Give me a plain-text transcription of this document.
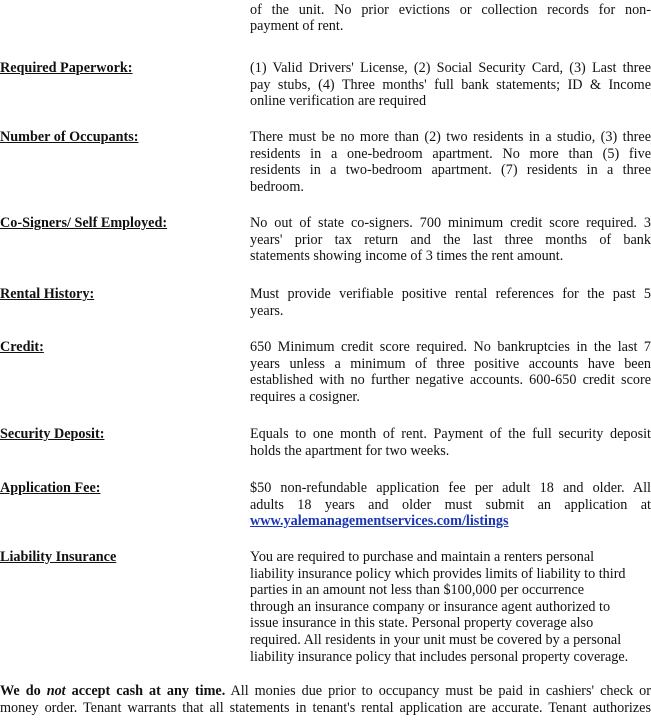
of the unit. No prior evictions or collection records for non-
payment of rent.
Required Paperwork:	(1) Valid Drivers' License, (2) Social Security Card, (3) Last three
pay stubs, (4) Three months' full bank statements; ID & Income
online verification are required
Number of Occupants:	There must be no more than (2) two residents in a studio, (3) three
residents in a one-bedroom apartment. No more than (5) five
residents in a two-bedroom apartment. (7) residents in a three
bedroom.
Co-Signers/ Self Employed:	No out of state co-signers. 700 minimum credit score required. 3
years' prior tax return and the last three months of bank
statements showing income of 3 times the rent amount.
Rental History:	Must provide verifiable positive rental references for the past 5
years.
Credit:	650 Minimum credit score required. No bankruptcies in the last 7
years unless a minimum of three positive accounts have been
established with no further negative accounts. 600-650 credit score
requires a cosigner.
Security Deposit:	Equals to one month of rent. Payment of the full security deposit
holds the apartment for two weeks.
Application Fee:	$50 non-refundable application fee per adult 18 and older. All
adults 18 years and older must submit an application at
www.yalemanagementservices.com/listings
Liability Insurance	You are required to purchase and maintain a renters personal
liability insurance policy which provides limits of liability to third
parties in an amount not less than $100,000 per occurrence
through an insurance company or insurance agent authorized to
issue insurance in this state. Personal property coverage also
required. All residents in your unit must be covered by a personal
liability insurance policy that includes personal property coverage.
We do not accept cash at any time. All monies due prior to occupancy must be paid in cashiers' check or
money order. Tenant warrants that all statements in tenant's rental application are accurate. Tenant authorizes
